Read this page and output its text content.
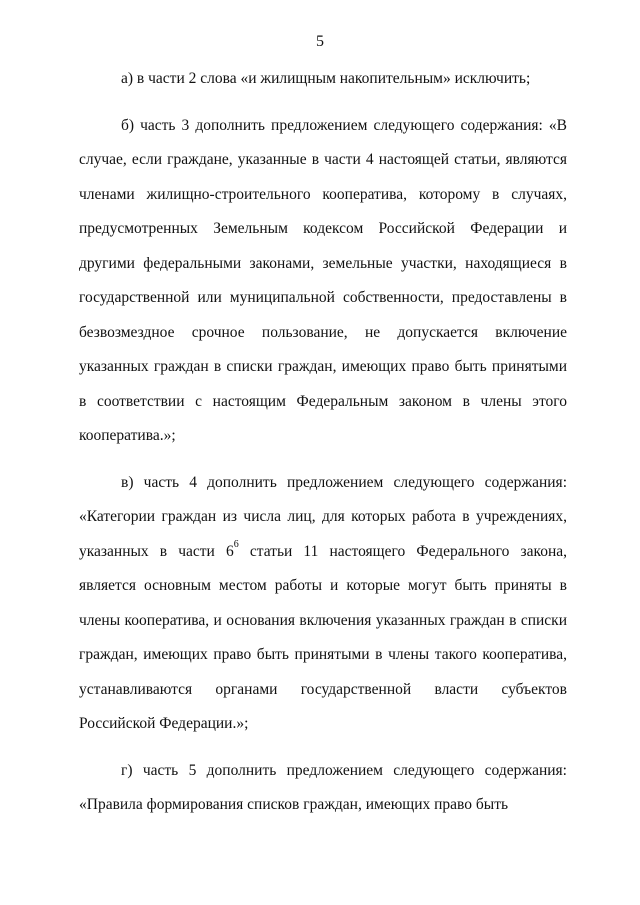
5

а) в части 2 слова «и жилищным накопительным» исключить;

б) часть 3 дополнить предложением следующего содержания: «В случае, если граждане, указанные в части 4 настоящей статьи, являются членами жилищно-строительного кооператива, которому в случаях, предусмотренных Земельным кодексом Российской Федерации и другими федеральными законами, земельные участки, находящиеся в государственной или муниципальной собственности, предоставлены в безвозмездное срочное пользование, не допускается включение указанных граждан в списки граждан, имеющих право быть принятыми в соответствии с настоящим Федеральным законом в члены этого кооператива.»;

в) часть 4 дополнить предложением следующего содержания: «Категории граждан из числа лиц, для которых работа в учреждениях, указанных в части $6^6$ статьи 11 настоящего Федерального закона, является основным местом работы и которые могут быть приняты в члены кооператива, и основания включения указанных граждан в списки граждан, имеющих право быть принятыми в члены такого кооператива, устанавливаются органами государственной власти субъектов Российской Федерации.»;

г) часть 5 дополнить предложением следующего содержания: «Правила формирования списков граждан, имеющих право быть
